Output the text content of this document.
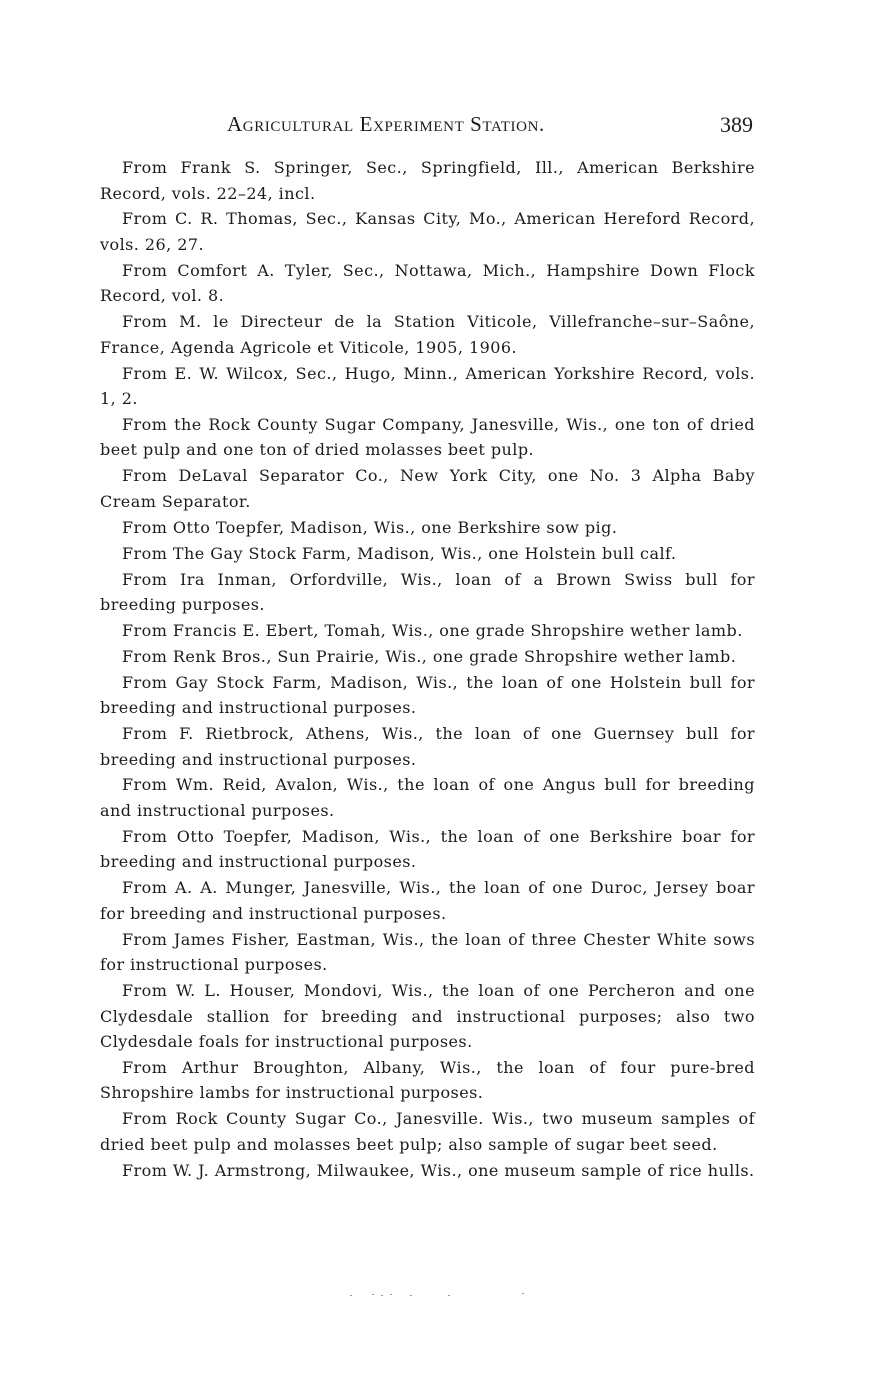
Agricultural Experiment Station.	389

From Frank S. Springer, Sec., Springfield, Ill., American Berkshire Record, vols. 22–24, incl.

From C. R. Thomas, Sec., Kansas City, Mo., American Hereford Record, vols. 26, 27.

From Comfort A. Tyler, Sec., Nottawa, Mich., Hampshire Down Flock Record, vol. 8.

From M. le Directeur de la Station Viticole, Villefranche–sur–Saône, France, Agenda Agricole et Viticole, 1905, 1906.

From E. W. Wilcox, Sec., Hugo, Minn., American Yorkshire Record, vols. 1, 2.

From the Rock County Sugar Company, Janesville, Wis., one ton of dried beet pulp and one ton of dried molasses beet pulp.

From DeLaval Separator Co., New York City, one No. 3 Alpha Baby Cream Separator.

From Otto Toepfer, Madison, Wis., one Berkshire sow pig.

From The Gay Stock Farm, Madison, Wis., one Holstein bull calf.

From Ira Inman, Orfordville, Wis., loan of a Brown Swiss bull for breeding purposes.

From Francis E. Ebert, Tomah, Wis., one grade Shropshire wether lamb.

From Renk Bros., Sun Prairie, Wis., one grade Shropshire wether lamb.

From Gay Stock Farm, Madison, Wis., the loan of one Holstein bull for breeding and instructional purposes.

From F. Rietbrock, Athens, Wis., the loan of one Guernsey bull for breeding and instructional purposes.

From Wm. Reid, Avalon, Wis., the loan of one Angus bull for breeding and instructional purposes.

From Otto Toepfer, Madison, Wis., the loan of one Berkshire boar for breeding and instructional purposes.

From A. A. Munger, Janesville, Wis., the loan of one Duroc, Jersey boar for breeding and instructional purposes.

From James Fisher, Eastman, Wis., the loan of three Chester White sows for instructional purposes.

From W. L. Houser, Mondovi, Wis., the loan of one Percheron and one Clydesdale stallion for breeding and instructional purposes; also two Clydesdale foals for instructional purposes.

From Arthur Broughton, Albany, Wis., the loan of four pure-bred Shropshire lambs for instructional purposes.

From Rock County Sugar Co., Janesville. Wis., two museum samples of dried beet pulp and molasses beet pulp; also sample of sugar beet seed.

From W. J. Armstrong, Milwaukee, Wis., one museum sample of rice hulls.
